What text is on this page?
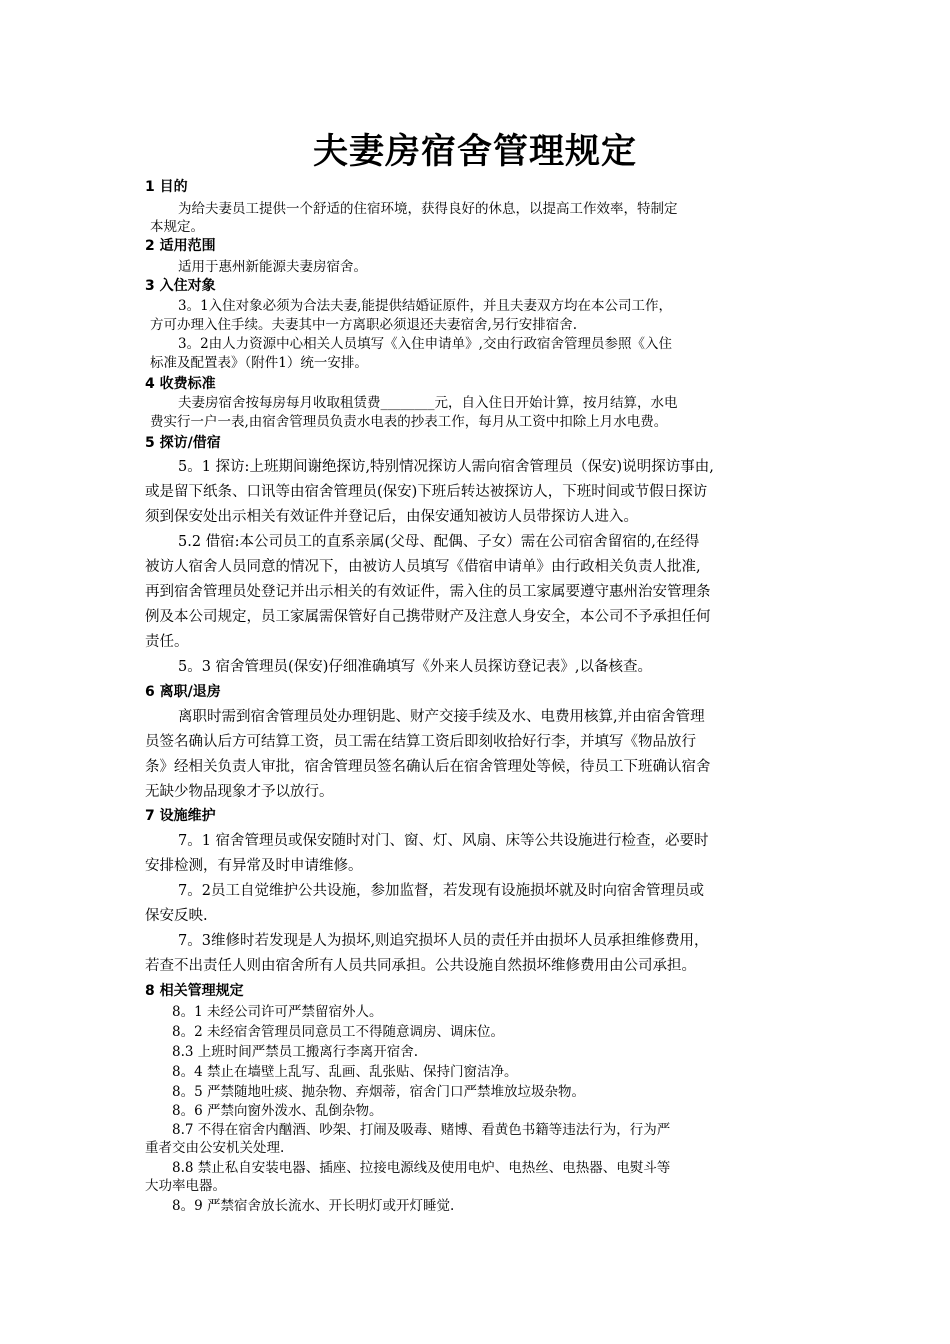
夫妻房宿舍管理规定
1 目的
为给夫妻员工提供一个舒适的住宿环境，获得良好的休息，以提高工作效率，特制定
本规定。
2 适用范围
适用于惠州新能源夫妻房宿舍。
3 入住对象
3。1入住对象必须为合法夫妻,能提供结婚证原件，并且夫妻双方均在本公司工作，
方可办理入住手续。夫妻其中一方离职必须退还夫妻宿舍,另行安排宿舍.
3。2由人力资源中心相关人员填写《入住申请单》,交由行政宿舍管理员参照《入住
标准及配置表》（附件1）统一安排。
4 收费标准
夫妻房宿舍按每房每月收取租赁费________元，自入住日开始计算，按月结算，水电
费实行一户一表,由宿舍管理员负责水电表的抄表工作，每月从工资中扣除上月水电费。
5 探访/借宿
5。1 探访:上班期间谢绝探访,特别情况探访人需向宿舍管理员（保安)说明探访事由,
或是留下纸条、口讯等由宿舍管理员(保安)下班后转达被探访人，下班时间或节假日探访
须到保安处出示相关有效证件并登记后，由保安通知被访人员带探访人进入。
5.2 借宿:本公司员工的直系亲属(父母、配偶、子女）需在公司宿舍留宿的,在经得
被访人宿舍人员同意的情况下，由被访人员填写《借宿申请单》由行政相关负责人批准,
再到宿舍管理员处登记并出示相关的有效证件，需入住的员工家属要遵守惠州治安管理条
例及本公司规定，员工家属需保管好自己携带财产及注意人身安全，本公司不予承担任何
责任。
5。3 宿舍管理员(保安)仔细准确填写《外来人员探访登记表》,以备核查。
6 离职/退房
离职时需到宿舍管理员处办理钥匙、财产交接手续及水、电费用核算,并由宿舍管理
员签名确认后方可结算工资，员工需在结算工资后即刻收拾好行李，并填写《物品放行
条》经相关负责人审批，宿舍管理员签名确认后在宿舍管理处等候，待员工下班确认宿舍
无缺少物品现象才予以放行。
7 设施维护
7。1 宿舍管理员或保安随时对门、窗、灯、风扇、床等公共设施进行检查，必要时
安排检测，有异常及时申请维修。
7。2员工自觉维护公共设施，参加监督，若发现有设施损坏就及时向宿舍管理员或
保安反映.
7。3维修时若发现是人为损坏,则追究损坏人员的责任并由损坏人员承担维修费用，
若查不出责任人则由宿舍所有人员共同承担。公共设施自然损坏维修费用由公司承担。
8 相关管理规定
8。1 未经公司许可严禁留宿外人。
8。2 未经宿舍管理员同意员工不得随意调房、调床位。
8.3 上班时间严禁员工搬离行李离开宿舍.
8。4 禁止在墙壁上乱写、乱画、乱张贴、保持门窗洁净。
8。5 严禁随地吐痰、抛杂物、弃烟蒂，宿舍门口严禁堆放垃圾杂物。
8。6 严禁向窗外泼水、乱倒杂物。
8.7 不得在宿舍内酗酒、吵架、打闹及吸毒、赌博、看黄色书籍等违法行为，行为严
重者交由公安机关处理.
8.8 禁止私自安装电器、插座、拉接电源线及使用电炉、电热丝、电热器、电熨斗等
大功率电器。
8。9 严禁宿舍放长流水、开长明灯或开灯睡觉.
